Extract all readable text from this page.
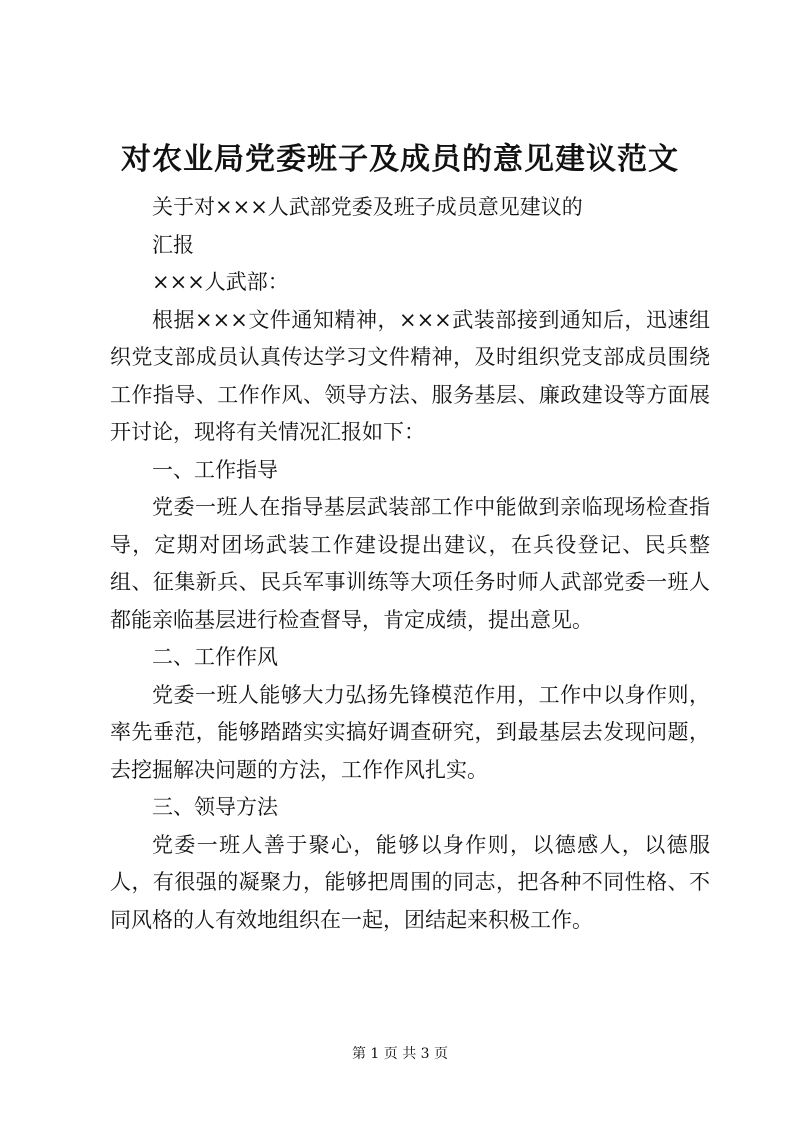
对农业局党委班子及成员的意见建议范文

关于对×××人武部党委及班子成员意见建议的

汇报

×××人武部：

根据×××文件通知精神，×××武装部接到通知后，迅速组织党支部成员认真传达学习文件精神，及时组织党支部成员围绕工作指导、工作作风、领导方法、服务基层、廉政建设等方面展开讨论，现将有关情况汇报如下：

一、工作指导

党委一班人在指导基层武装部工作中能做到亲临现场检查指导，定期对团场武装工作建设提出建议，在兵役登记、民兵整组、征集新兵、民兵军事训练等大项任务时师人武部党委一班人都能亲临基层进行检查督导，肯定成绩，提出意见。

二、工作作风

党委一班人能够大力弘扬先锋模范作用，工作中以身作则，率先垂范，能够踏踏实实搞好调查研究，到最基层去发现问题，去挖掘解决问题的方法，工作作风扎实。

三、领导方法

党委一班人善于聚心，能够以身作则，以德感人，以德服人，有很强的凝聚力，能够把周围的同志，把各种不同性格、不同风格的人有效地组织在一起，团结起来积极工作。

第 1 页 共 3 页
